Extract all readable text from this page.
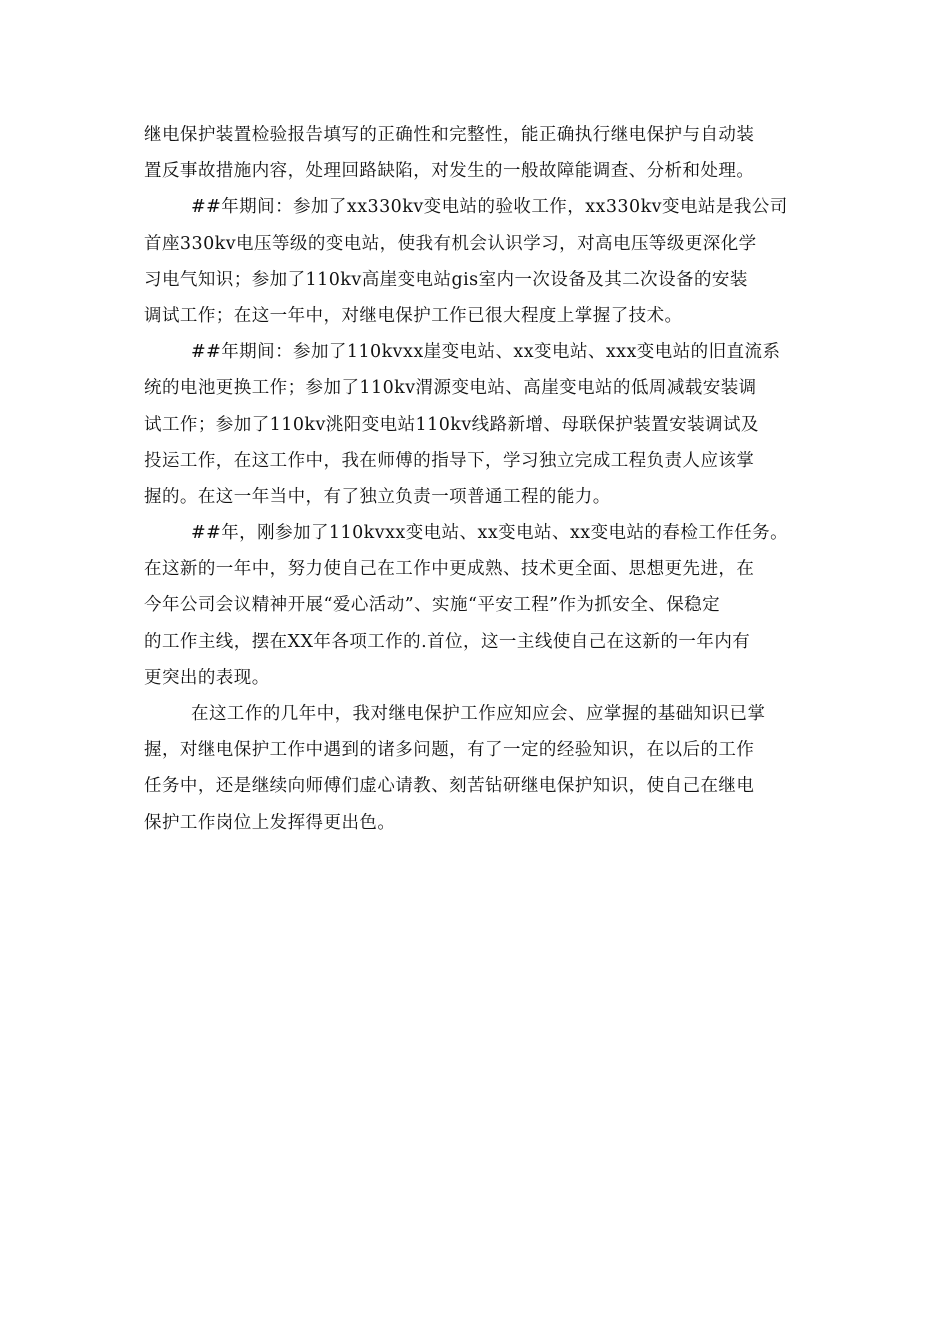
继电保护装置检验报告填写的正确性和完整性，能正确执行继电保护与自动装
置反事故措施内容，处理回路缺陷，对发生的一般故障能调查、分析和处理。
##年期间：参加了xx330kv变电站的验收工作，xx330kv变电站是我公司
首座330kv电压等级的变电站，使我有机会认识学习，对高电压等级更深化学
习电气知识；参加了110kv高崖变电站gis室内一次设备及其二次设备的安装
调试工作；在这一年中，对继电保护工作已很大程度上掌握了技术。
##年期间：参加了110kvxx崖变电站、xx变电站、xxx变电站的旧直流系
统的电池更换工作；参加了110kv渭源变电站、高崖变电站的低周减载安装调
试工作；参加了110kv洮阳变电站110kv线路新增、母联保护装置安装调试及
投运工作，在这工作中，我在师傅的指导下，学习独立完成工程负责人应该掌
握的。在这一年当中，有了独立负责一项普通工程的能力。
##年，刚参加了110kvxx变电站、xx变电站、xx变电站的春检工作任务。
在这新的一年中，努力使自己在工作中更成熟、技术更全面、思想更先进，在
今年公司会议精神开展“爱心活动”、实施“平安工程”作为抓安全、保稳定
的工作主线，摆在XX年各项工作的.首位，这一主线使自己在这新的一年内有
更突出的表现。
在这工作的几年中，我对继电保护工作应知应会、应掌握的基础知识已掌
握，对继电保护工作中遇到的诸多问题，有了一定的经验知识，在以后的工作
任务中，还是继续向师傅们虚心请教、刻苦钻研继电保护知识，使自己在继电
保护工作岗位上发挥得更出色。
